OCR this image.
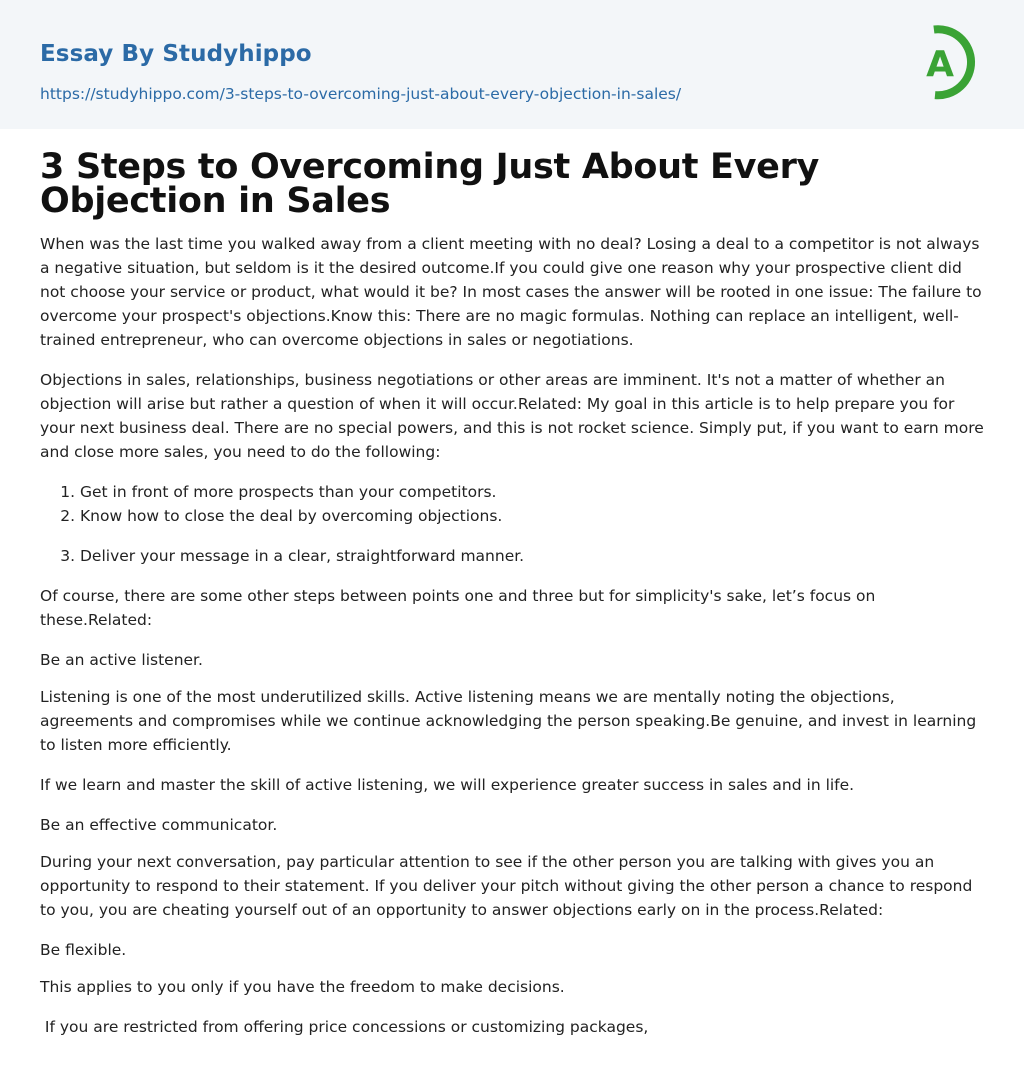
Essay By Studyhippo
https://studyhippo.com/3-steps-to-overcoming-just-about-every-objection-in-sales/
A
3 Steps to Overcoming Just About Every Objection in Sales

When was the last time you walked away from a client meeting with no deal? Losing a deal to a competitor is not always a negative situation, but seldom is it the desired outcome.If you could give one reason why your prospective client did not choose your service or product, what would it be? In most cases the answer will be rooted in one issue: The failure to overcome your prospect's objections.Know this: There are no magic formulas. Nothing can replace an intelligent, well-trained entrepreneur, who can overcome objections in sales or negotiations.

Objections in sales, relationships, business negotiations or other areas are imminent. It's not a matter of whether an objection will arise but rather a question of when it will occur.Related: My goal in this article is to help prepare you for your next business deal. There are no special powers, and this is not rocket science. Simply put, if you want to earn more and close more sales, you need to do the following:

1. Get in front of more prospects than your competitors.
2. Know how to close the deal by overcoming objections.
3. Deliver your message in a clear, straightforward manner.

Of course, there are some other steps between points one and three but for simplicity's sake, let’s focus on these.Related:

Be an active listener.

Listening is one of the most underutilized skills. Active listening means we are mentally noting the objections, agreements and compromises while we continue acknowledging the person speaking.Be genuine, and invest in learning to listen more efficiently.

If we learn and master the skill of active listening, we will experience greater success in sales and in life.

Be an effective communicator.

During your next conversation, pay particular attention to see if the other person you are talking with gives you an opportunity to respond to their statement. If you deliver your pitch without giving the other person a chance to respond to you, you are cheating yourself out of an opportunity to answer objections early on in the process.Related:

Be flexible.

This applies to you only if you have the freedom to make decisions.

If you are restricted from offering price concessions or customizing packages,
